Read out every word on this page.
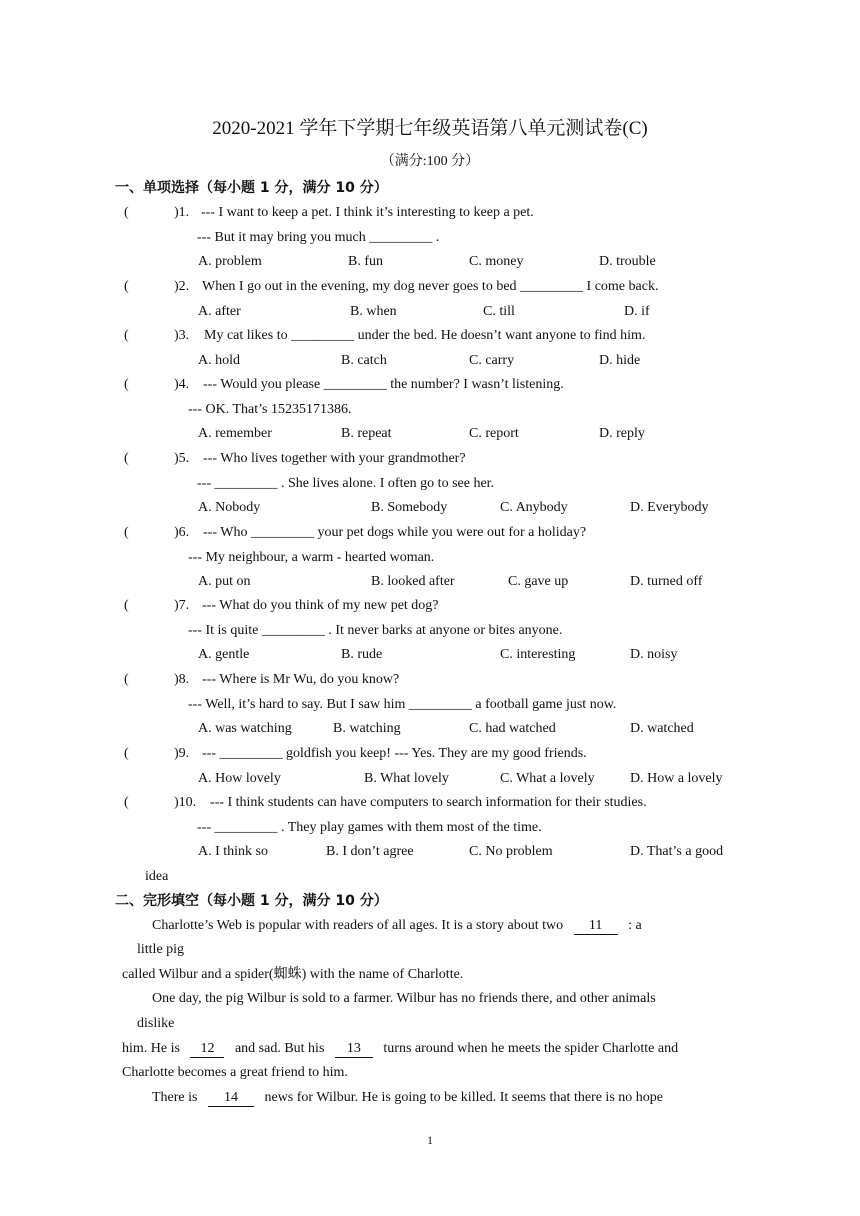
2020-2021 学年下学期七年级英语第八单元测试卷(C)
（满分:100 分）
一、单项选择（每小题 1 分，满分 10 分）
(	)1. --- I want to keep a pet. I think it’s interesting to keep a pet.
--- But it may bring you much _________ .
A. problem	B. fun	C. money	D. trouble
(	)2. When I go out in the evening, my dog never goes to bed _________ I come back.
A. after	B. when	C. till	D. if
(	)3. My cat likes to _________ under the bed. He doesn’t want anyone to find him.
A. hold	B. catch	C. carry	D. hide
(	)4. --- Would you please _________ the number? I wasn’t listening.
--- OK. That’s 15235171386.
A. remember	B. repeat	C. report	D. reply
(	)5. --- Who lives together with your grandmother?
--- _________ . She lives alone. I often go to see her.
A. Nobody	B. Somebody	C. Anybody	D. Everybody
(	)6. --- Who _________ your pet dogs while you were out for a holiday?
--- My neighbour, a warm - hearted woman.
A. put on	B. looked after	C. gave up	D. turned off
(	)7. --- What do you think of my new pet dog?
--- It is quite _________ . It never barks at anyone or bites anyone.
A. gentle	B. rude	C. interesting	D. noisy
(	)8. --- Where is Mr Wu, do you know?
--- Well, it’s hard to say. But I saw him _________ a football game just now.
A. was watching	B. watching	C. had watched	D. watched
(	)9. --- _________ goldfish you keep! --- Yes. They are my good friends.
A. How lovely	B. What lovely	C. What a lovely	D. How a lovely
(	)10. --- I think students can have computers to search information for their studies.
--- _________ . They play games with them most of the time.
A. I think so	B. I don’t agree	C. No problem	D. That’s a good
idea
二、完形填空（每小题 1 分，满分 10 分）
Charlotte’s Web is popular with readers of all ages. It is a story about two 11 : a
little pig
called Wilbur and a spider(蜘蛛) with the name of Charlotte.
One day, the pig Wilbur is sold to a farmer. Wilbur has no friends there, and other animals
dislike
him. He is 12 and sad. But his 13 turns around when he meets the spider Charlotte and
Charlotte becomes a great friend to him.
There is 14 news for Wilbur. He is going to be killed. It seems that there is no hope
1
